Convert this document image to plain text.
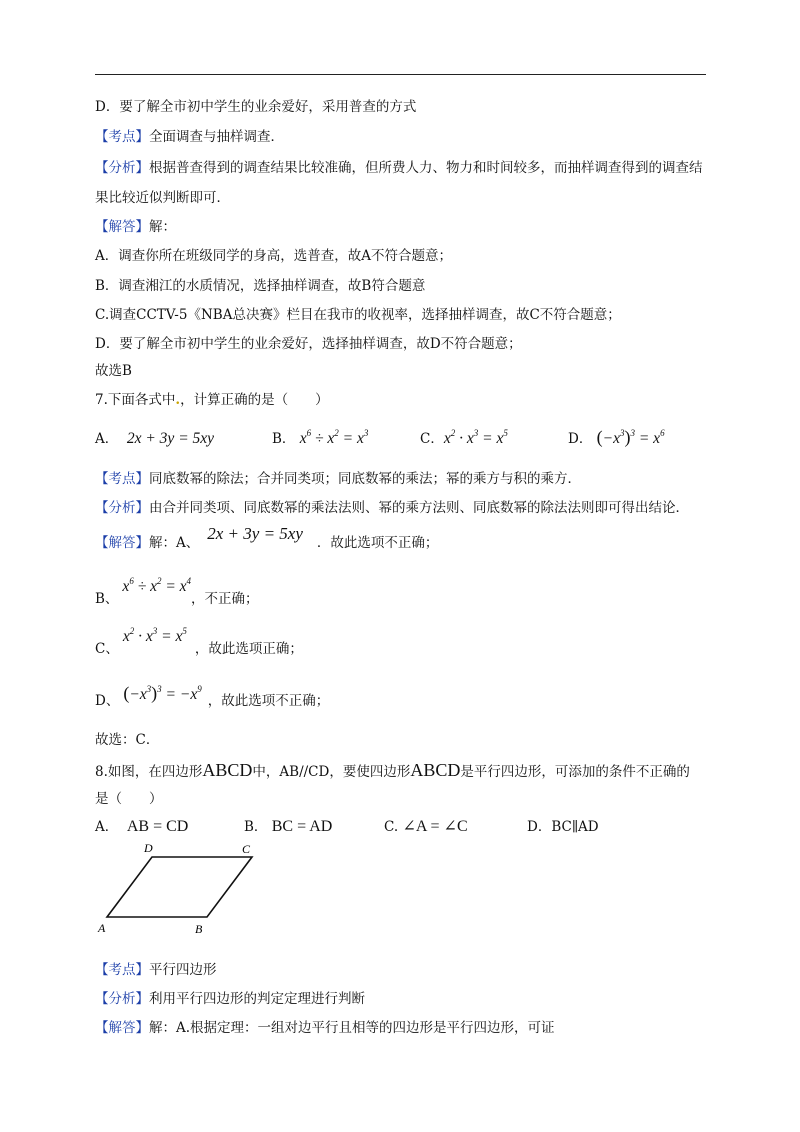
D．要了解全市初中学生的业余爱好，采用普查的方式
【考点】全面调查与抽样调查．
【分析】根据普查得到的调查结果比较准确，但所费人力、物力和时间较多，而抽样调查得到的调查结
果比较近似判断即可．
【解答】解：
A．调查你所在班级同学的身高，选普查，故A不符合题意；
B．调查湘江的水质情况，选择抽样调查，故B符合题意
C.调查CCTV-5《NBA总决赛》栏目在我市的收视率，选择抽样调查，故C不符合题意；
D．要了解全市初中学生的业余爱好，选择抽样调查，故D不符合题意；
故选B
7.下面各式中.，计算正确的是（　　）
A． 2x + 3y = 5xy	B． $x^6 \div x^2 = x^3$	C．$x^2 \cdot x^3 = x^5$	D． $(-x^3)^3 = x^6$
【考点】同底数幂的除法；合并同类项；同底数幂的乘法；幂的乘方与积的乘方．
【分析】由合并同类项、同底数幂的乘法法则、幂的乘方法则、同底数幂的除法法则即可得出结论．
【解答】解：A、 2x + 3y = 5xy ．故此选项不正确；
B、$x^6 \div x^2 = x^4$，不正确；
C、$x^2 \cdot x^3 = x^5$，故此选项正确；
D、 $(-x^3)^3 = -x^9$，故此选项不正确；
故选：C．
8.如图，在四边形ABCD中，AB//CD，要使四边形ABCD是平行四边形，可添加的条件不正确的
是（　　）
A． AB = CD	B． BC = AD	C. ∠A = ∠C	D．BC∥AD
D	C
A	B
【考点】平行四边形
【分析】利用平行四边形的判定定理进行判断
【解答】解：A.根据定理：一组对边平行且相等的四边形是平行四边形，可证
